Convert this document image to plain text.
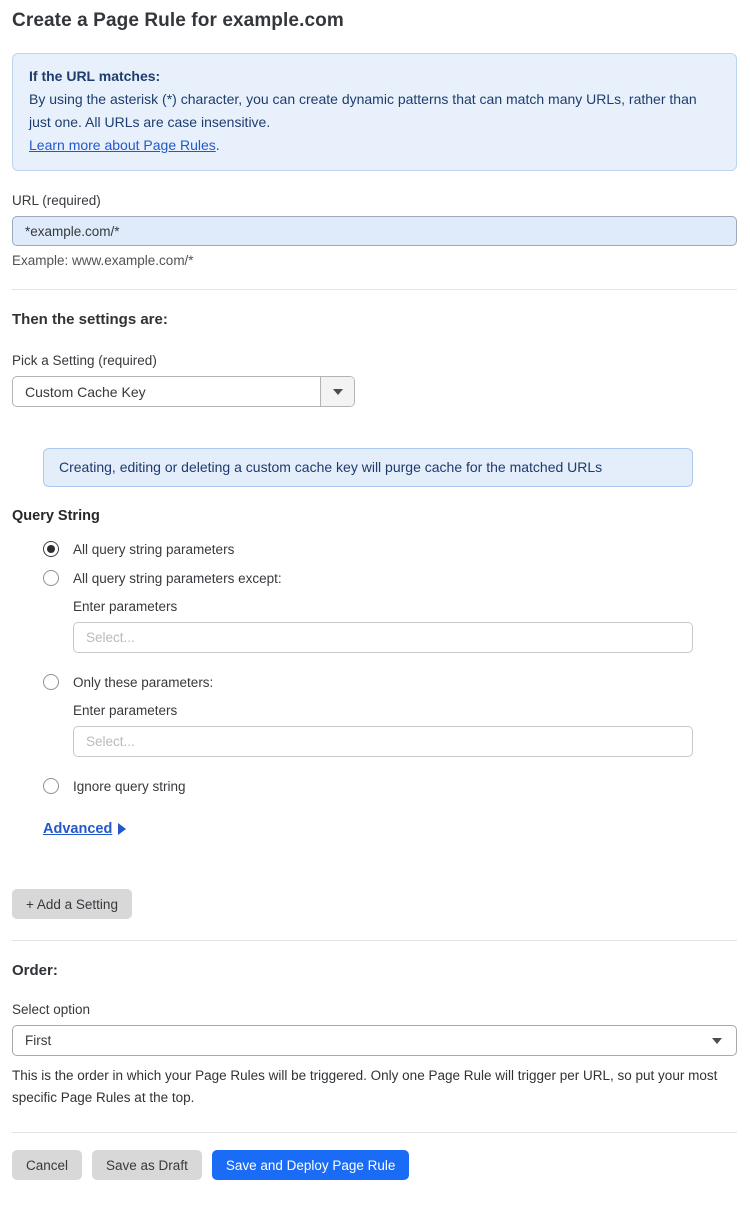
Create a Page Rule for example.com
If the URL matches:
By using the asterisk (*) character, you can create dynamic patterns that can match many URLs, rather than just one. All URLs are case insensitive.
Learn more about Page Rules.
URL (required)
*example.com/*
Example: www.example.com/*
Then the settings are:
Pick a Setting (required)
Custom Cache Key
Creating, editing or deleting a custom cache key will purge cache for the matched URLs
Query String
All query string parameters
All query string parameters except:
Enter parameters
Select...
Only these parameters:
Enter parameters
Select...
Ignore query string
Advanced
+ Add a Setting
Order:
Select option
First
This is the order in which your Page Rules will be triggered. Only one Page Rule will trigger per URL, so put your most specific Page Rules at the top.
Cancel	Save as Draft	Save and Deploy Page Rule
